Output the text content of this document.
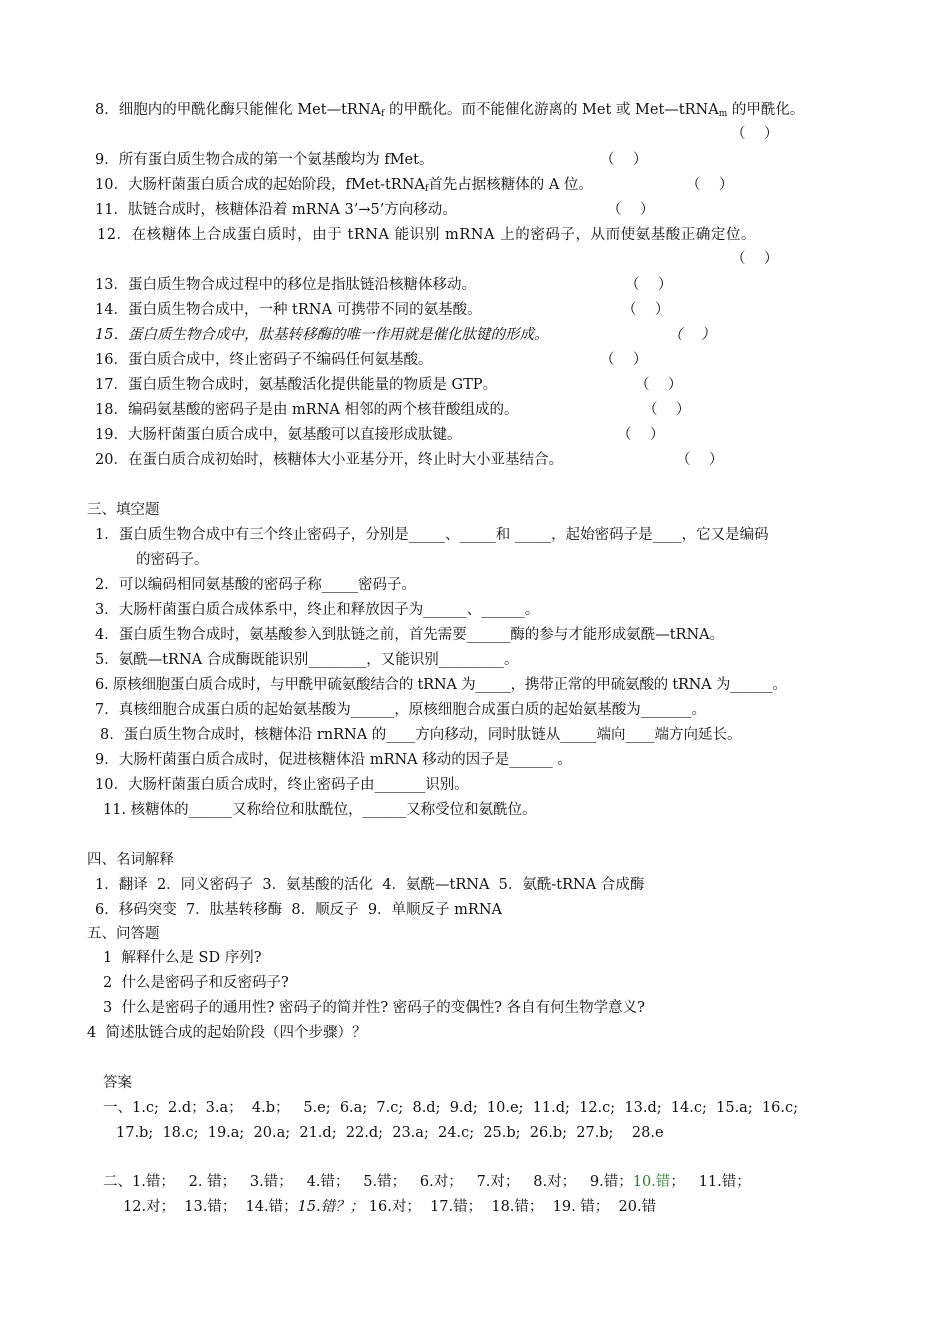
8．细胞内的甲酰化酶只能催化 Met—tRNA$_f$ 的甲酰化。而不能催化游离的 Met 或 Met—tRNA$_m$ 的甲酰化。
（    ）
9．所有蛋白质生物合成的第一个氨基酸均为 fMet。	（    ）
10．大肠杆菌蛋白质合成的起始阶段，fMet-tRNA$_f$首先占据核糖体的 A 位。	（    ）
11．肽链合成时，核糖体沿着 mRNA 3’→5’方向移动。	（    ）
12．在核糖体上合成蛋白质时，由于 tRNA 能识别 mRNA 上的密码子，从而使氨基酸正确定位。
（    ）
13．蛋白质生物合成过程中的移位是指肽链沿核糖体移动。	（    ）
14．蛋白质生物合成中，一种 tRNA 可携带不同的氨基酸。	（    ）
15．蛋白质生物合成中，肽基转移酶的唯一作用就是催化肽键的形成。	（    ）
16．蛋白质合成中，终止密码子不编码任何氨基酸。	（    ）
17．蛋白质生物合成时，氨基酸活化提供能量的物质是 GTP。	（    ）
18．编码氨基酸的密码子是由 mRNA 相邻的两个核苷酸组成的。	（    ）
19．大肠杆菌蛋白质合成中，氨基酸可以直接形成肽键。	（    ）
20．在蛋白质合成初始时，核糖体大小亚基分开，终止时大小亚基结合。	（    ）
三、填空题
1．蛋白质生物合成中有三个终止密码子，分别是_____、_____和 _____，起始密码子是____，它又是编码
的密码子。
2．可以编码相同氨基酸的密码子称_____密码子。
3．大肠杆菌蛋白质合成体系中，终止和释放因子为______、______。
4．蛋白质生物合成时，氨基酸参入到肽链之前，首先需要______酶的参与才能形成氨酰—tRNA。
5．氨酰—tRNA 合成酶既能识别________，又能识别_________。
6. 原核细胞蛋白质合成时，与甲酰甲硫氨酸结合的 tRNA 为_____，携带正常的甲硫氨酸的 tRNA 为______。
7．真核细胞合成蛋白质的起始氨基酸为______，原核细胞合成蛋白质的起始氨基酸为_______。
8．蛋白质生物合成时，核糖体沿 rnRNA 的____方向移动，同时肽链从_____端向____端方向延长。
9．大肠杆菌蛋白质合成时，促进核糖体沿 mRNA 移动的因子是______ 。
10．大肠杆菌蛋白质合成时，终止密码子由_______识别。
11. 核糖体的______又称给位和肽酰位，______又称受位和氨酰位。
四、名词解释
1．翻译  2．同义密码子  3．氨基酸的活化  4．氨酰—tRNA  5．氨酰-tRNA 合成酶
6．移码突变  7．肽基转移酶  8．顺反子  9．单顺反子 mRNA
五、问答题
1  解释什么是 SD 序列?
2  什么是密码子和反密码子?
3  什么是密码子的通用性? 密码子的简并性? 密码子的变偶性? 各自有何生物学意义?
4  简述肽链合成的起始阶段（四个步骤）？
答案
一、1.c;  2.d；3.a；  4.b；   5.e;  6.a;  7.c;  8.d;  9.d;  10.e;  11.d;  12.c;  13.d;  14.c;  15.a;  16.c;
17.b;  18.c;  19.a;  20.a;  21.d;  22.d;  23.a;  24.c;  25.b;  26.b;  27.b;    28.e
二、1.错；   2. 错；   3.错；   4.错；   5.错；   6.对；   7.对；   8.对；   9.错；10.错；   11.错；
12.对；  13.错；  14.错；15.错？； 16.对；  17.错；  18.错；  19. 错；  20.错
